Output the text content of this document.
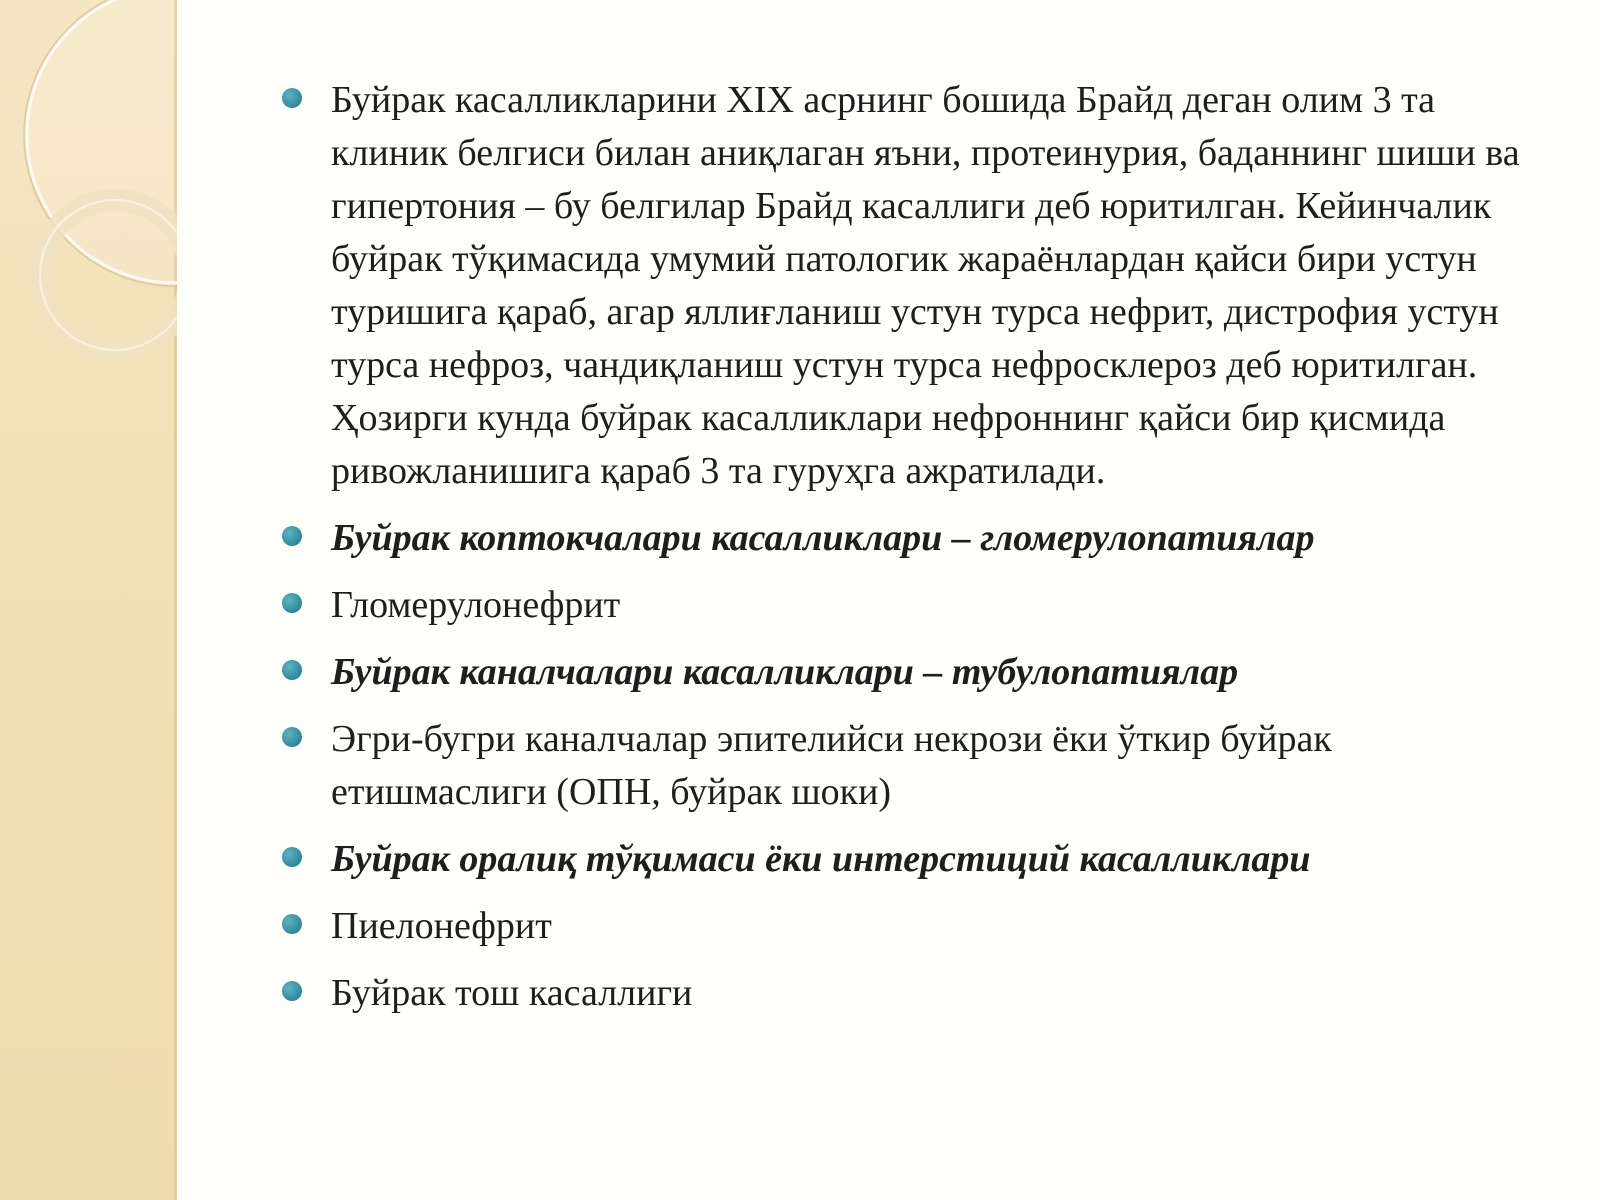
Буйрак касалликларини XIX асрнинг бошида Брайд деган олим 3 та клиник белгиси билан аниқлаган яъни, протеинурия, баданнинг шиши ва гипертония – бу белгилар Брайд касаллиги деб юритилган. Кейинчалик буйрак тўқимасида умумий патологик жараёнлардан қайси бири устун туришига қараб, агар яллиғланиш устун турса нефрит, дистрофия устун турса нефроз, чандиқланиш устун турса нефросклероз деб юритилган. Ҳозирги кунда буйрак касалликлари нефроннинг қайси бир қисмида ривожланишига қараб 3 та гуруҳга ажратилади.
Буйрак коптокчалари касалликлари – гломерулопатиялар
Гломерулонефрит
Буйрак каналчалари касалликлари – тубулопатиялар
Эгри-бугри каналчалар эпителийси некрози ёки ўткир буйрак етишмаслиги (ОПН, буйрак шоки)
Буйрак оралиқ тўқимаси ёки интерстиций касалликлари
Пиелонефрит
Буйрак тош касаллиги
